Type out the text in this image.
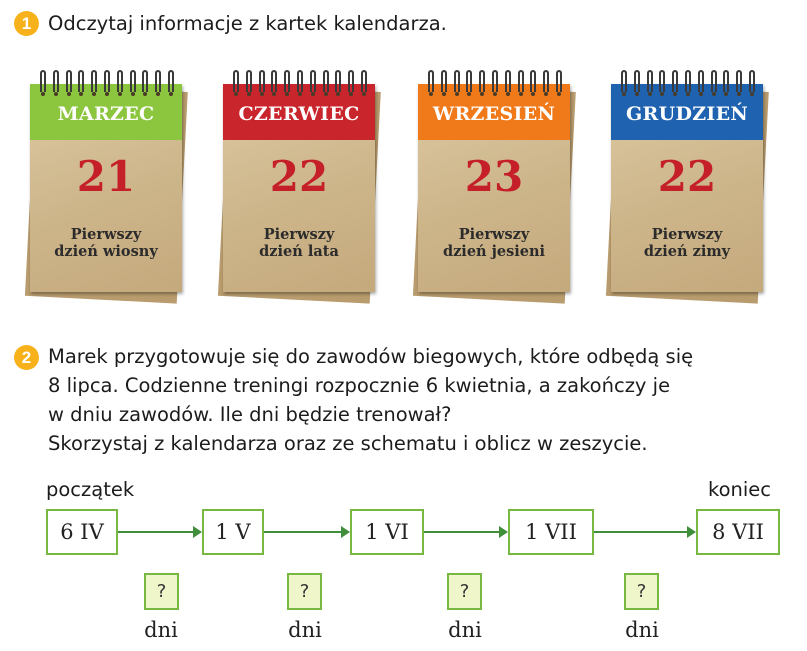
1 Odczytaj informacje z kartek kalendarza.
MARZEC
21
Pierwszy
dzień wiosny
CZERWIEC
22
Pierwszy
dzień lata
WRZESIEŃ
23
Pierwszy
dzień jesieni
GRUDZIEŃ
22
Pierwszy
dzień zimy
2 Marek przygotowuje się do zawodów biegowych, które odbędą się
8 lipca. Codzienne treningi rozpocznie 6 kwietnia, a zakończy je
w dniu zawodów. Ile dni będzie trenował?
Skorzystaj z kalendarza oraz ze schematu i oblicz w zeszycie.
początek	koniec
6 IV	1 V	1 VI	1 VII	8 VII
?	?	?	?
dni	dni	dni	dni
